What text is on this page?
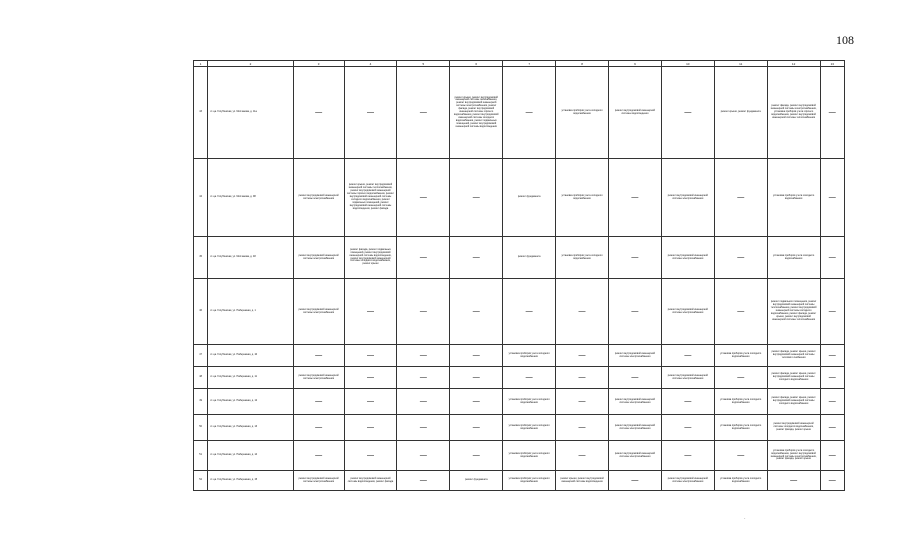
108
1	2	3	4	5	6	7	8	9	10	11	12	13
43	ст-ца. Голубинская, ул. Молчанова, д. 11а	—	—	—	ремонт крыши, ремонт внутридомовой инженерной системы газоснабжения, ремонт внутридомовой инженерной системы электроснабжения, ремонт фасада, ремонт внутридомовой инженерной системы горячего водоснабжения, ремонт внутридомовой инженерной системы холодного водоснабжения, ремонт подвальных помещений, ремонт внутридомовой инженерной системы водоотведения	—	установка приборов учета холодного водоснабжения	ремонт внутридомовой инженерной системы водоотведения	—	ремонт крыши, ремонт фундамента	ремонт фасада, ремонт внутридомовой инженерной системы электроснабжения, установка приборов учета горячего водоснабжения, ремонт внутридомовой инженерной системы теплоснабжения	—
44	ст-ца. Голубинская, ул. Молчанова, д. 98	ремонт внутридомовой инженерной системы электроснабжения	ремонт крыши, ремонт внутридомовой инженерной системы теплоснабжения, ремонт внутридомовой инженерной системы горячего водоснабжения, ремонт внутридомовой инженерной системы холодного водоснабжения, ремонт подвальных помещений, ремонт внутридомовой инженерной системы водоотведения, ремонт фасада	—	—	ремонт фундамента	установка приборов учета холодного водоснабжения	—	ремонт внутридомовой инженерной системы электроснабжения	—	установка приборов учета холодного водоснабжения	—
45	ст-ца. Голубинская, ул. Молчанова, д. 48	ремонт внутридомовой инженерной системы электроснабжения	ремонт фасада, ремонт подвальных помещений, ремонт внутридомовой инженерной системы водоотведения, ремонт внутридомовой инженерной системы холодного водоснабжения, ремонт крыши	—	—	ремонт фундамента	установка приборов учета холодного водоснабжения	—	ремонт внутридомовой инженерной системы электроснабжения	—	установка приборов учета холодного водоснабжения	—
46	ст-ца. Голубинская, ул. Набережная, д. 1	ремонт внутридомовой инженерной системы электроснабжения	—	—	—	—	—	—	ремонт внутридомовой инженерной системы электроснабжения	—	ремонт подвального помещения, ремонт внутридомовой инженерной системы теплоснабжения, ремонт внутридомовой инженерной системы холодного водоснабжения, ремонт фасада, ремонт крыши, ремонт внутридомовой инженерной системы теплоснабжения	—
47	ст-ца. Голубинская, ул. Набережная, д. 10	—	—	—	—	установка приборов учета холодного водоснабжения	—	ремонт внутридомовой инженерной системы электроснабжения	—	установка приборов учета холодного водоснабжения	ремонт фасада, ремонт крыши, ремонт внутридомовой инженерной системы теплового снабжения	—
48	ст-ца. Голубинская, ул. Набережная, д. 11	ремонт внутридомовой инженерной системы электроснабжения	—	—	—	—	—	—	ремонт внутридомовой инженерной системы электроснабжения	—	ремонт фасада, ремонт крыши, ремонт внутридомовой инженерной системы холодного водоснабжения	—
49	ст-ца. Голубинская, ул. Набережная, д. 12	—	—	—	—	установка приборов учета холодного водоснабжения	—	ремонт внутридомовой инженерной системы электроснабжения	—	установка приборов учета холодного водоснабжения	ремонт фасада, ремонт крыши, ремонт внутридомовой инженерной системы холодного водоснабжения	—
50	ст-ца. Голубинская, ул. Набережная, д. 13	—	—	—	—	установка приборов учета холодного водоснабжения	—	ремонт внутридомовой инженерной системы электроснабжения	—	установка приборов учета холодного водоснабжения	ремонт внутридомовой инженерной системы холодного водоснабжения, ремонт фасада, ремонт крыши	—
51	ст-ца. Голубинская, ул. Набережная, д. 14	—	—	—	—	установка приборов учета холодного водоснабжения	—	ремонт внутридомовой инженерной системы электроснабжения	—	—	установка приборов учета холодного водоснабжения, ремонт внутридомовой инженерной системы электроснабжения, ремонт фасада, ремонт крыши	—
52	ст-ца. Голубинская, ул. Набережная, д. 15	ремонт внутридомовой инженерной системы электроснабжения	ремонт внутридомовой инженерной системы водоотведения, ремонт фасада	—	ремонт фундамента	установка приборов учета холодного водоснабжения	ремонт крыши, ремонт внутридомовой инженерной системы водоотведения	—	ремонт внутридомовой инженерной системы электроснабжения	установка приборов учета холодного водоснабжения	—	—
·
